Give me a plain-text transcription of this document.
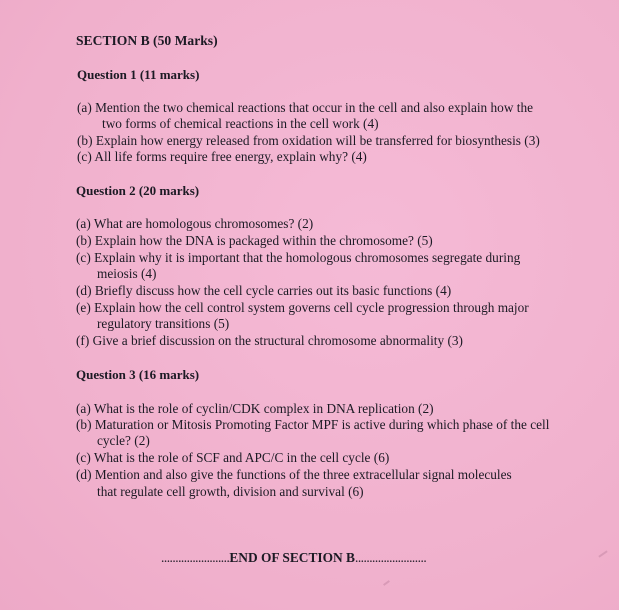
SECTION B (50 Marks)
Question 1 (11 marks)
(a) Mention the two chemical reactions that occur in the cell and also explain how the
two forms of chemical reactions in the cell work (4)
(b) Explain how energy released from oxidation will be transferred for biosynthesis (3)
(c) All life forms require free energy, explain why? (4)
Question 2 (20 marks)
(a) What are homologous chromosomes? (2)
(b) Explain how the DNA is packaged within the chromosome? (5)
(c) Explain why it is important that the homologous chromosomes segregate during
meiosis (4)
(d) Briefly discuss how the cell cycle carries out its basic functions (4)
(e) Explain how the cell control system governs cell cycle progression through major
regulatory transitions (5)
(f) Give a brief discussion on the structural chromosome abnormality (3)
Question 3 (16 marks)
(a) What is the role of cyclin/CDK complex in DNA replication (2)
(b) Maturation or Mitosis Promoting Factor MPF is active during which phase of the cell
cycle? (2)
(c) What is the role of SCF and APC/C in the cell cycle (6)
(d) Mention and also give the functions of the three extracellular signal molecules
that regulate cell growth, division and survival (6)
........................END OF SECTION B.........................
